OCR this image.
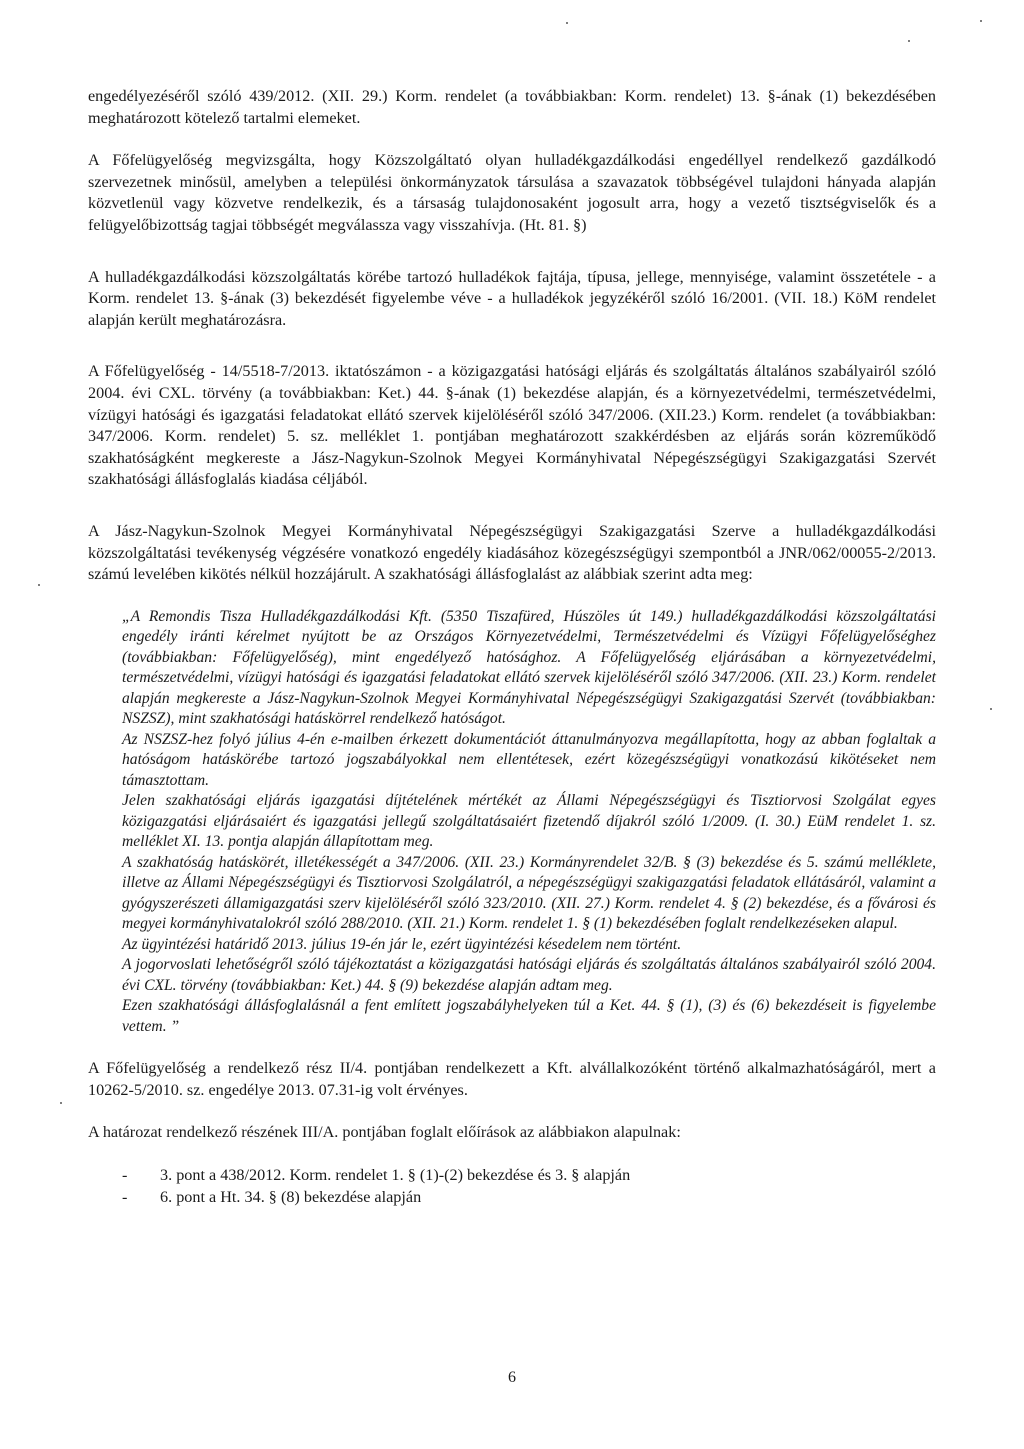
engedélyezéséről szóló 439/2012. (XII. 29.) Korm. rendelet (a továbbiakban: Korm. rendelet) 13. §-ának (1) bekezdésében meghatározott kötelező tartalmi elemeket.

A Főfelügyelőség megvizsgálta, hogy Közszolgáltató olyan hulladékgazdálkodási engedéllyel rendelkező gazdálkodó szervezetnek minősül, amelyben a települési önkormányzatok társulása a szavazatok többségével tulajdoni hányada alapján közvetlenül vagy közvetve rendelkezik, és a társaság tulajdonosaként jogosult arra, hogy a vezető tisztségviselők és a felügyelőbizottság tagjai többségét megválassza vagy visszahívja. (Ht. 81. §)

A hulladékgazdálkodási közszolgáltatás körébe tartozó hulladékok fajtája, típusa, jellege, mennyisége, valamint összetétele - a Korm. rendelet 13. §-ának (3) bekezdését figyelembe véve - a hulladékok jegyzékéről szóló 16/2001. (VII. 18.) KöM rendelet alapján került meghatározásra.

A Főfelügyelőség - 14/5518-7/2013. iktatószámon - a közigazgatási hatósági eljárás és szolgáltatás általános szabályairól szóló 2004. évi CXL. törvény (a továbbiakban: Ket.) 44. §-ának (1) bekezdése alapján, és a környezetvédelmi, természetvédelmi, vízügyi hatósági és igazgatási feladatokat ellátó szervek kijelöléséről szóló 347/2006. (XII.23.) Korm. rendelet (a továbbiakban: 347/2006. Korm. rendelet) 5. sz. melléklet 1. pontjában meghatározott szakkérdésben az eljárás során közreműködő szakhatóságként megkereste a Jász-Nagykun-Szolnok Megyei Kormányhivatal Népegészségügyi Szakigazgatási Szervét szakhatósági állásfoglalás kiadása céljából.

A Jász-Nagykun-Szolnok Megyei Kormányhivatal Népegészségügyi Szakigazgatási Szerve a hulladékgazdálkodási közszolgáltatási tevékenység végzésére vonatkozó engedély kiadásához közegészségügyi szempontból a JNR/062/00055-2/2013. számú levelében kikötés nélkül hozzájárult. A szakhatósági állásfoglalást az alábbiak szerint adta meg:

„A Remondis Tisza Hulladékgazdálkodási Kft. (5350 Tiszafüred, Húszöles út 149.) hulladékgazdálkodási közszolgáltatási engedély iránti kérelmet nyújtott be az Országos Környezetvédelmi, Természetvédelmi és Vízügyi Főfelügyelőséghez (továbbiakban: Főfelügyelőség), mint engedélyező hatósághoz. A Főfelügyelőség eljárásában a környezetvédelmi, természetvédelmi, vízügyi hatósági és igazgatási feladatokat ellátó szervek kijelöléséről szóló 347/2006. (XII. 23.) Korm. rendelet alapján megkereste a Jász-Nagykun-Szolnok Megyei Kormányhivatal Népegészségügyi Szakigazgatási Szervét (továbbiakban: NSZSZ), mint szakhatósági hatáskörrel rendelkező hatóságot.

Az NSZSZ-hez folyó július 4-én e-mailben érkezett dokumentációt áttanulmányozva megállapította, hogy az abban foglaltak a hatóságom hatáskörébe tartozó jogszabályokkal nem ellentétesek, ezért közegészségügyi vonatkozású kikötéseket nem támasztottam.

Jelen szakhatósági eljárás igazgatási díjtételének mértékét az Állami Népegészségügyi és Tisztiorvosi Szolgálat egyes közigazgatási eljárásaiért és igazgatási jellegű szolgáltatásaiért fizetendő díjakról szóló 1/2009. (I. 30.) EüM rendelet 1. sz. melléklet XI. 13. pontja alapján állapítottam meg.

A szakhatóság hatáskörét, illetékességét a 347/2006. (XII. 23.) Kormányrendelet 32/B. § (3) bekezdése és 5. számú melléklete, illetve az Állami Népegészségügyi és Tisztiorvosi Szolgálatról, a népegészségügyi szakigazgatási feladatok ellátásáról, valamint a gyógyszerészeti államigazgatási szerv kijelöléséről szóló 323/2010. (XII. 27.) Korm. rendelet 4. § (2) bekezdése, és a fővárosi és megyei kormányhivatalokról szóló 288/2010. (XII. 21.) Korm. rendelet 1. § (1) bekezdésében foglalt rendelkezéseken alapul.

Az ügyintézési határidő 2013. július 19-én jár le, ezért ügyintézési késedelem nem történt.

A jogorvoslati lehetőségről szóló tájékoztatást a közigazgatási hatósági eljárás és szolgáltatás általános szabályairól szóló 2004. évi CXL. törvény (továbbiakban: Ket.) 44. § (9) bekezdése alapján adtam meg.

Ezen szakhatósági állásfoglalásnál a fent említett jogszabályhelyeken túl a Ket. 44. § (1), (3) és (6) bekezdéseit is figyelembe vettem. ”

A Főfelügyelőség a rendelkező rész II/4. pontjában rendelkezett a Kft. alvállalkozóként történő alkalmazhatóságáról, mert a 10262-5/2010. sz. engedélye 2013. 07.31-ig volt érvényes.

A határozat rendelkező részének III/A. pontjában foglalt előírások az alábbiakon alapulnak:

-	3. pont a 438/2012. Korm. rendelet 1. § (1)-(2) bekezdése és 3. § alapján
-	6. pont a Ht. 34. § (8) bekezdése alapján
6
